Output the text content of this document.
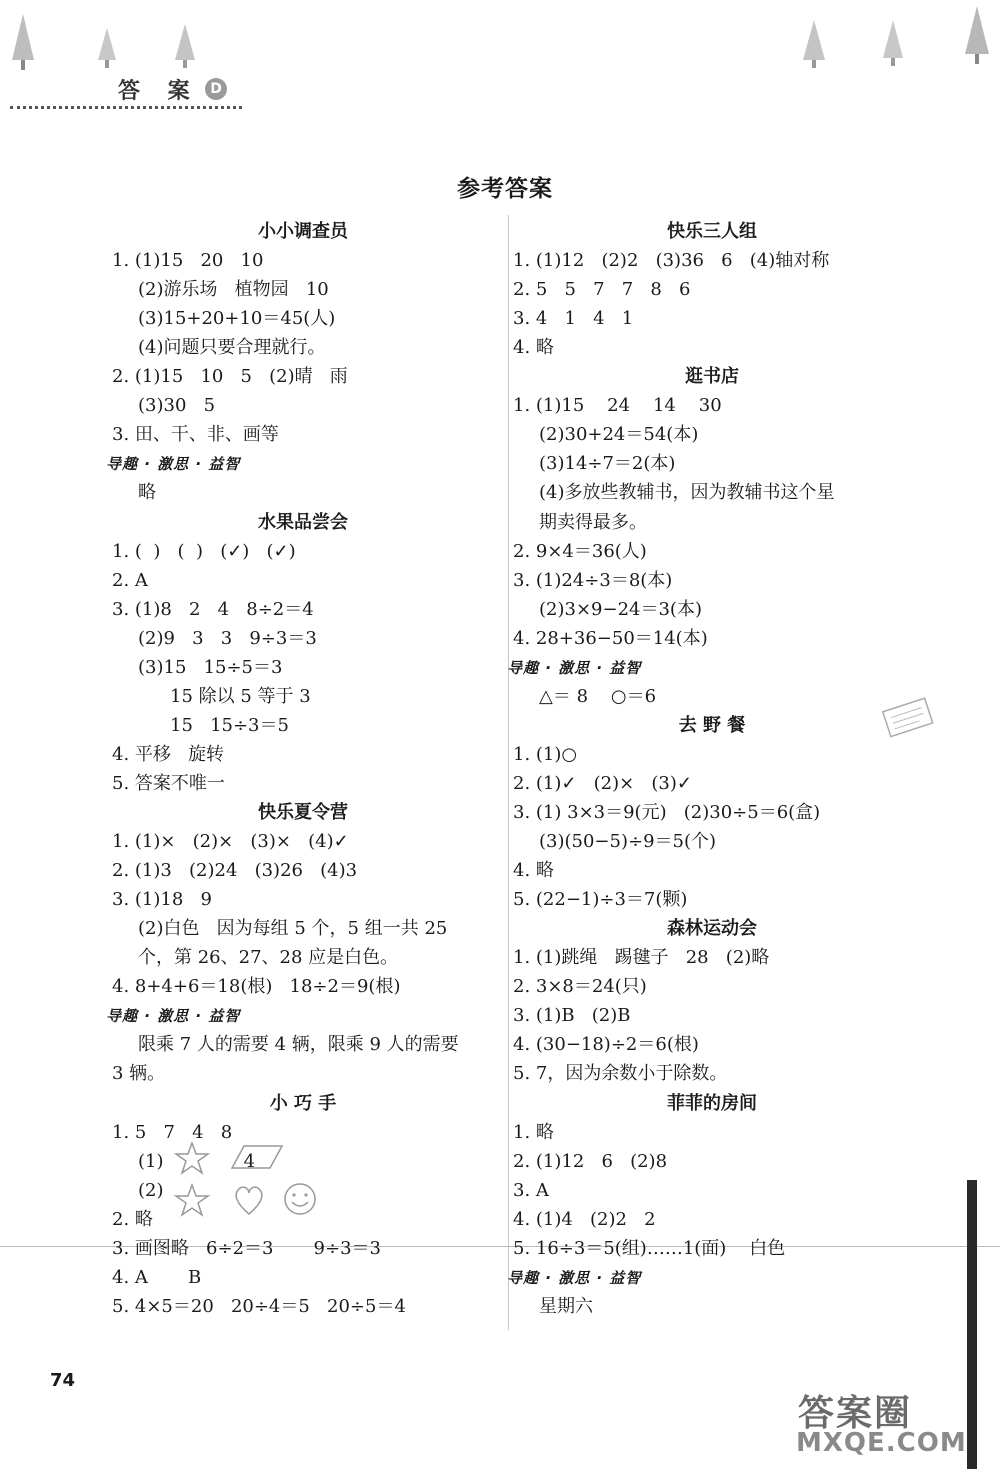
答 案 D
参考答案
小小调查员
1. (1)15   20   10
(2)游乐场   植物园   10
(3)15+20+10＝45(人)
(4)问题只要合理就行。
2. (1)15   10   5   (2)晴   雨
(3)30   5
3. 田、干、非、画等
导趣 · 激思 · 益智
略
水果品尝会
1. (  )   (  )   (✓)   (✓)
2. A
3. (1)8   2   4   8÷2＝4
(2)9   3   3   9÷3＝3
(3)15   15÷5＝3
15 除以 5 等于 3
15   15÷3＝5
4. 平移   旋转
5. 答案不唯一
快乐夏令营
1. (1)×   (2)×   (3)×   (4)✓
2. (1)3   (2)24   (3)26   (4)3
3. (1)18   9
(2)白色   因为每组 5 个，5 组一共 25
个，第 26、27、28 应是白色。
4. 8+4+6＝18(根)   18÷2＝9(根)
导趣 · 激思 · 益智
限乘 7 人的需要 4 辆，限乘 9 人的需要
3 辆。
小 巧 手
1. 5   7   4   8
(1)              4
(2)
2. 略
3. 画图略   6÷2＝3       9÷3＝3
4. A       B
5. 4×5＝20   20÷4＝5   20÷5＝4
快乐三人组
1. (1)12   (2)2   (3)36   6   (4)轴对称
2. 5   5   7   7   8   6
3. 4   1   4   1
4. 略
逛书店
1. (1)15    24    14    30
(2)30+24＝54(本)
(3)14÷7＝2(本)
(4)多放些教辅书，因为教辅书这个星
期卖得最多。
2. 9×4＝36(人)
3. (1)24÷3＝8(本)
(2)3×9−24＝3(本)
4. 28+36−50＝14(本)
导趣 · 激思 · 益智
△＝ 8    ○＝6
去 野 餐
1. (1)○
2. (1)✓   (2)×   (3)✓
3. (1) 3×3＝9(元)   (2)30÷5＝6(盒)
(3)(50−5)÷9＝5(个)
4. 略
5. (22−1)÷3＝7(颗)
森林运动会
1. (1)跳绳   踢毽子   28   (2)略
2. 3×8＝24(只)
3. (1)B   (2)B
4. (30−18)÷2＝6(根)
5. 7，因为余数小于除数。
菲菲的房间
1. 略
2. (1)12   6   (2)8
3. A
4. (1)4   (2)2   2
5. 16÷3＝5(组)……1(面)    白色
导趣 · 激思 · 益智
星期六
74
答案圈
MXQE.COM
